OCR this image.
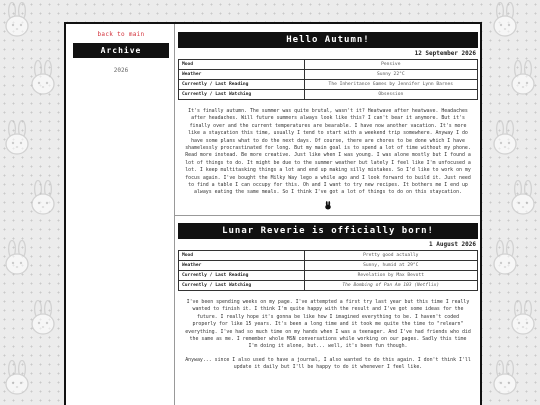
back to main
Archive
2026
Hello Autumn!
12 September 2026
Mood	Pensive
Weather	Sunny 22°C
Currently / Last Reading	The Inheritance Games by Jennifer Lynn Barnes
Currently / Last Watching	Obsession

It's finally autumn. The summer was quite brutal, wasn't it? Heatwave after heatwave. Headaches after headaches. Will future summers always look like this? I can't bear it anymore. But it's finally over and the current temperatures are bearable. I have now another vacation. It's more like a staycation this time, usually I tend to start with a weekend trip somewhere. Anyway I do have some plans what to do the next days. Of course, there are chores to be done which I have shamelessly procrastinated for long. But my main goal is to spend a lot of time without my phone. Read more instead. Be more creative. Just like when I was young. I was alone mostly but I found a lot of things to do. It might be due to the summer weather but lately I feel like I'm unfocused a lot. I keep multitasking things a lot and end up making silly mistakes. So I'd like to work on my focus again. I've bought the Milky Way lego a while ago and I look forward to build it. Just need to find a table I can occupy for this. Oh and I want to try new recipes. It bothers me I end up always eating the same meals. So I think I've got a lot of things to do on this staycation.

Lunar Reverie is officially born!
1 August 2026
Mood	Pretty good actually
Weather	Sunny, humid at 29°C
Currently / Last Reading	Revelation by Max Bevott
Currently / Last Watching	The Bombing of Pan Am 103 (Netflix)

I've been spending weeks on my page. I've attempted a first try last year but this time I really wanted to finish it. I think I'm quite happy with the result and I've got some ideas for the future. I really hope it's gonna be like how I imagined everything to be. I haven't coded properly for like 15 years. It's been a long time and it took me quite the time to "relearn" everything. I've had so much time on my hands when I was a teenager. And I've had friends who did the same as me. I remember whole MSN conversations while working on our pages. Sadly this time I'm doing it alone, but... well, it's been fun though.

Anyway... since I also used to have a journal, I also wanted to do this again. I don't think I'll update it daily but I'll be happy to do it whenever I feel like.
